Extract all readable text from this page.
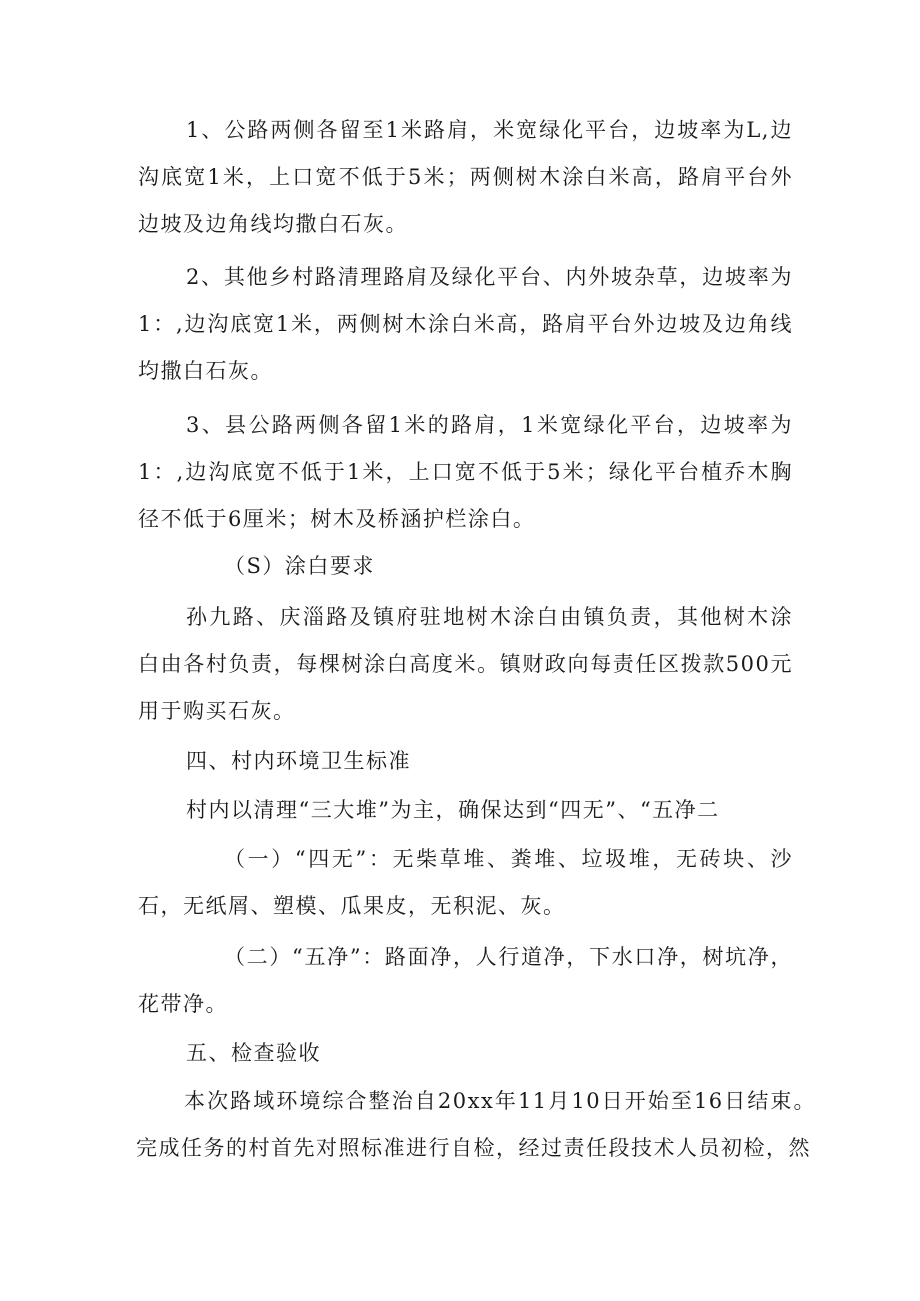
1、公路两侧各留至1米路肩，米宽绿化平台，边坡率为L,边沟底宽1米，上口宽不低于5米；两侧树木涂白米高，路肩平台外边坡及边角线均撒白石灰。

2、其他乡村路清理路肩及绿化平台、内外坡杂草，边坡率为1：,边沟底宽1米，两侧树木涂白米高，路肩平台外边坡及边角线均撒白石灰。

3、县公路两侧各留1米的路肩，1米宽绿化平台，边坡率为1：,边沟底宽不低于1米，上口宽不低于5米；绿化平台植乔木胸径不低于6厘米；树木及桥涵护栏涂白。

（S）涂白要求

孙九路、庆淄路及镇府驻地树木涂白由镇负责，其他树木涂白由各村负责，每棵树涂白高度米。镇财政向每责任区拨款500元用于购买石灰。

四、村内环境卫生标准

村内以清理“三大堆”为主，确保达到“四无”、“五净二

（一）“四无”：无柴草堆、粪堆、垃圾堆，无砖块、沙石，无纸屑、塑模、瓜果皮，无积泥、灰。

（二）“五净”：路面净，人行道净，下水口净，树坑净，花带净。

五、检查验收

本次路域环境综合整治自20xx年11月10日开始至16日结束。完成任务的村首先对照标准进行自检，经过责任段技术人员初检，然
